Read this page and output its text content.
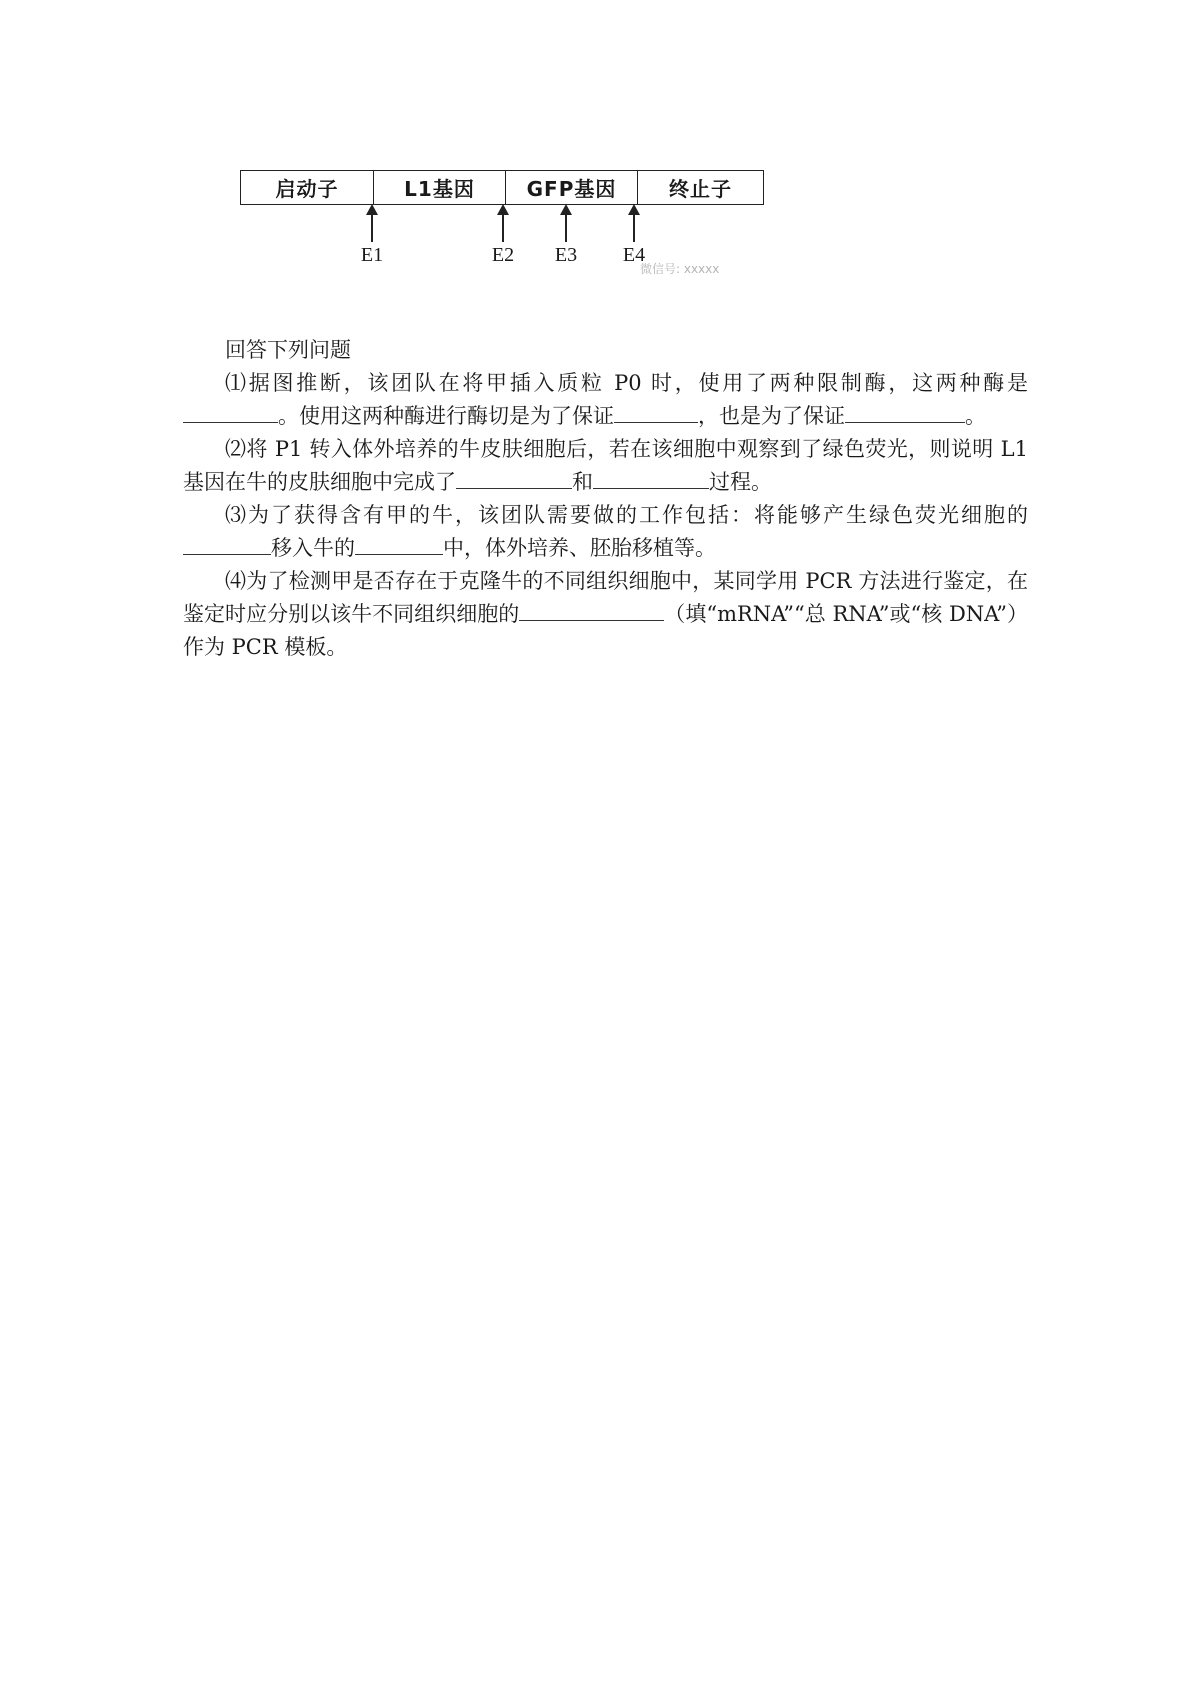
启动子	L1基因	GFP基因	终止子
E1	E2	E3	E4
微信号: xxxxx

回答下列问题

⑴据图推断，该团队在将甲插入质粒 P0 时，使用了两种限制酶，这两种酶是。使用这两种酶进行酶切是为了保证	，也是为了保证	。

⑵将 P1 转入体外培养的牛皮肤细胞后，若在该细胞中观察到了绿色荧光，则说明 L1 基因在牛的皮肤细胞中完成了	和	过程。

⑶为了获得含有甲的牛，该团队需要做的工作包括：将能够产生绿色荧光细胞的移入牛的	中，体外培养、胚胎移植等。

⑷为了检测甲是否存在于克隆牛的不同组织细胞中，某同学用 PCR 方法进行鉴定，在鉴定时应分别以该牛不同组织细胞的	（填“mRNA”“总 RNA”或“核 DNA”）作为 PCR 模板。
